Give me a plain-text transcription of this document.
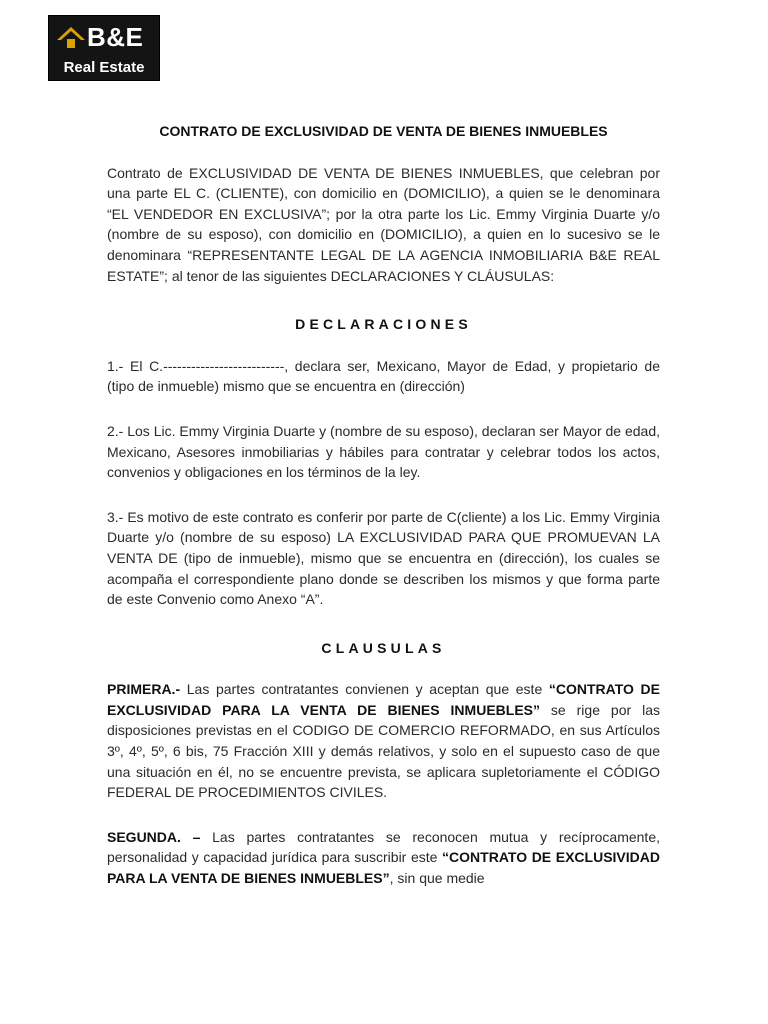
B&E
Real Estate

CONTRATO DE EXCLUSIVIDAD DE VENTA DE BIENES INMUEBLES

Contrato de EXCLUSIVIDAD DE VENTA DE BIENES INMUEBLES, que celebran por una parte EL C. (CLIENTE), con domicilio en (DOMICILIO), a quien se le denominara “EL VENDEDOR EN EXCLUSIVA”; por la otra parte los Lic. Emmy Virginia Duarte y/o (nombre de su esposo), con domicilio en (DOMICILIO), a quien en lo sucesivo se le denominara “REPRESENTANTE LEGAL DE LA AGENCIA INMOBILIARIA B&E REAL ESTATE”; al tenor de las siguientes DECLARACIONES Y CLÁUSULAS:

DECLARACIONES

1.- El C.--------------------------, declara ser, Mexicano, Mayor de Edad, y propietario de (tipo de inmueble) mismo que se encuentra en (dirección)

2.- Los Lic. Emmy Virginia Duarte y (nombre de su esposo), declaran ser Mayor de edad, Mexicano, Asesores inmobiliarias y hábiles para contratar y celebrar todos los actos, convenios y obligaciones en los términos de la ley.

3.- Es motivo de este contrato es conferir por parte de C(cliente) a los Lic. Emmy Virginia Duarte y/o (nombre de su esposo) LA EXCLUSIVIDAD PARA QUE PROMUEVAN LA VENTA DE (tipo de inmueble), mismo que se encuentra en (dirección), los cuales se acompaña el correspondiente plano donde se describen los mismos y que forma parte de este Convenio como Anexo “A”.

CLAUSULAS

PRIMERA.- Las partes contratantes convienen y aceptan que este “CONTRATO DE EXCLUSIVIDAD PARA LA VENTA DE BIENES INMUEBLES” se rige por las disposiciones previstas en el CODIGO DE COMERCIO REFORMADO, en sus Artículos 3º, 4º, 5º, 6 bis, 75 Fracción XIII y demás relativos, y solo en el supuesto caso de que una situación en él, no se encuentre prevista, se aplicara supletoriamente el CÓDIGO FEDERAL DE PROCEDIMIENTOS CIVILES.

SEGUNDA. – Las partes contratantes se reconocen mutua y recíprocamente, personalidad y capacidad jurídica para suscribir este “CONTRATO DE EXCLUSIVIDAD PARA LA VENTA DE BIENES INMUEBLES”, sin que medie
